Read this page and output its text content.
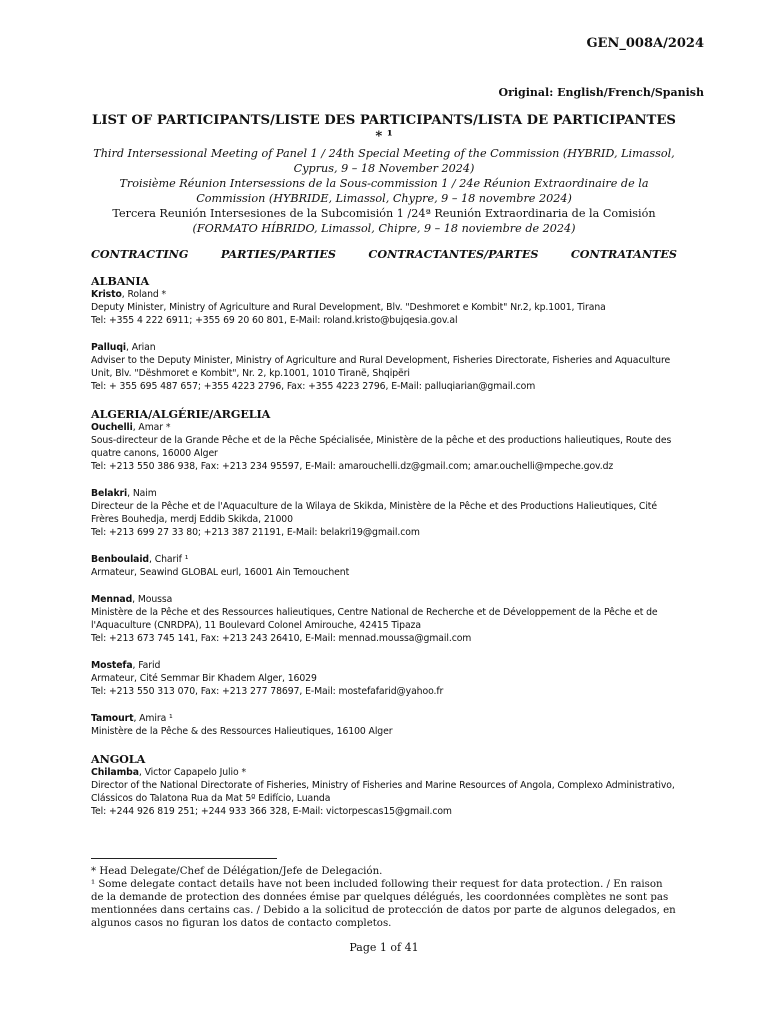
GEN_008A/2024
Original: English/French/Spanish
LIST OF PARTICIPANTS/LISTE DES PARTICIPANTS/LISTA DE PARTICIPANTES * ¹
Third Intersessional Meeting of Panel 1 / 24th Special Meeting of the Commission (HYBRID, Limassol, Cyprus, 9 – 18 November 2024)
Troisième Réunion Intersessions de la Sous-commission 1 / 24e Réunion Extraordinaire de la Commission (HYBRIDE, Limassol, Chypre, 9 – 18 novembre 2024)
Tercera Reunión Intersesiones de la Subcomisión 1 /24ª Reunión Extraordinaria de la Comisión
(FORMATO HÍBRIDO, Limassol, Chipre, 9 – 18 noviembre de 2024)
CONTRACTING	PARTIES/PARTIES	CONTRACTANTES/PARTES	CONTRATANTES
ALBANIA
Kristo, Roland *
Deputy Minister, Ministry of Agriculture and Rural Development, Blv. "Deshmoret e Kombit" Nr.2, kp.1001, Tirana
Tel: +355 4 222 6911; +355 69 20 60 801, E-Mail: roland.kristo@bujqesia.gov.al
Palluqi, Arian
Adviser to the Deputy Minister, Ministry of Agriculture and Rural Development, Fisheries Directorate, Fisheries and Aquaculture Unit, Blv. "Dëshmoret e Kombit", Nr. 2, kp.1001, 1010 Tiranë, Shqipëri
Tel: + 355 695 487 657; +355 4223 2796, Fax: +355 4223 2796, E-Mail: palluqiarian@gmail.com
ALGERIA/ALGÉRIE/ARGELIA
Ouchelli, Amar *
Sous-directeur de la Grande Pêche et de la Pêche Spécialisée, Ministère de la pêche et des productions halieutiques, Route des quatre canons, 16000 Alger
Tel: +213 550 386 938, Fax: +213 234 95597, E-Mail: amarouchelli.dz@gmail.com; amar.ouchelli@mpeche.gov.dz
Belakri, Naim
Directeur de la Pêche et de l'Aquaculture de la Wilaya de Skikda, Ministère de la Pêche et des Productions Halieutiques, Cité Frères Bouhedja, merdj Eddib Skikda, 21000
Tel: +213 699 27 33 80; +213 387 21191, E-Mail: belakri19@gmail.com
Benboulaid, Charif ¹
Armateur, Seawind GLOBAL eurl, 16001 Ain Temouchent
Mennad, Moussa
Ministère de la Pêche et des Ressources halieutiques, Centre National de Recherche et de Développement de la Pêche et de l'Aquaculture (CNRDPA), 11 Boulevard Colonel Amirouche, 42415 Tipaza
Tel: +213 673 745 141, Fax: +213 243 26410, E-Mail: mennad.moussa@gmail.com
Mostefa, Farid
Armateur, Cité Semmar Bir Khadem Alger, 16029
Tel: +213 550 313 070, Fax: +213 277 78697, E-Mail: mostefafarid@yahoo.fr
Tamourt, Amira ¹
Ministère de la Pêche & des Ressources Halieutiques, 16100 Alger
ANGOLA
Chilamba, Victor Capapelo Julio *
Director of the National Directorate of Fisheries, Ministry of Fisheries and Marine Resources of Angola, Complexo Administrativo, Clássicos do Talatona Rua da Mat 5º Edifício, Luanda
Tel: +244 926 819 251; +244 933 366 328, E-Mail: victorpescas15@gmail.com
* Head Delegate/Chef de Délégation/Jefe de Delegación.
¹ Some delegate contact details have not been included following their request for data protection. / En raison de la demande de protection des données émise par quelques délégués, les coordonnées complètes ne sont pas mentionnées dans certains cas. / Debido a la solicitud de protección de datos por parte de algunos delegados, en algunos casos no figuran los datos de contacto completos.
Page 1 of 41
